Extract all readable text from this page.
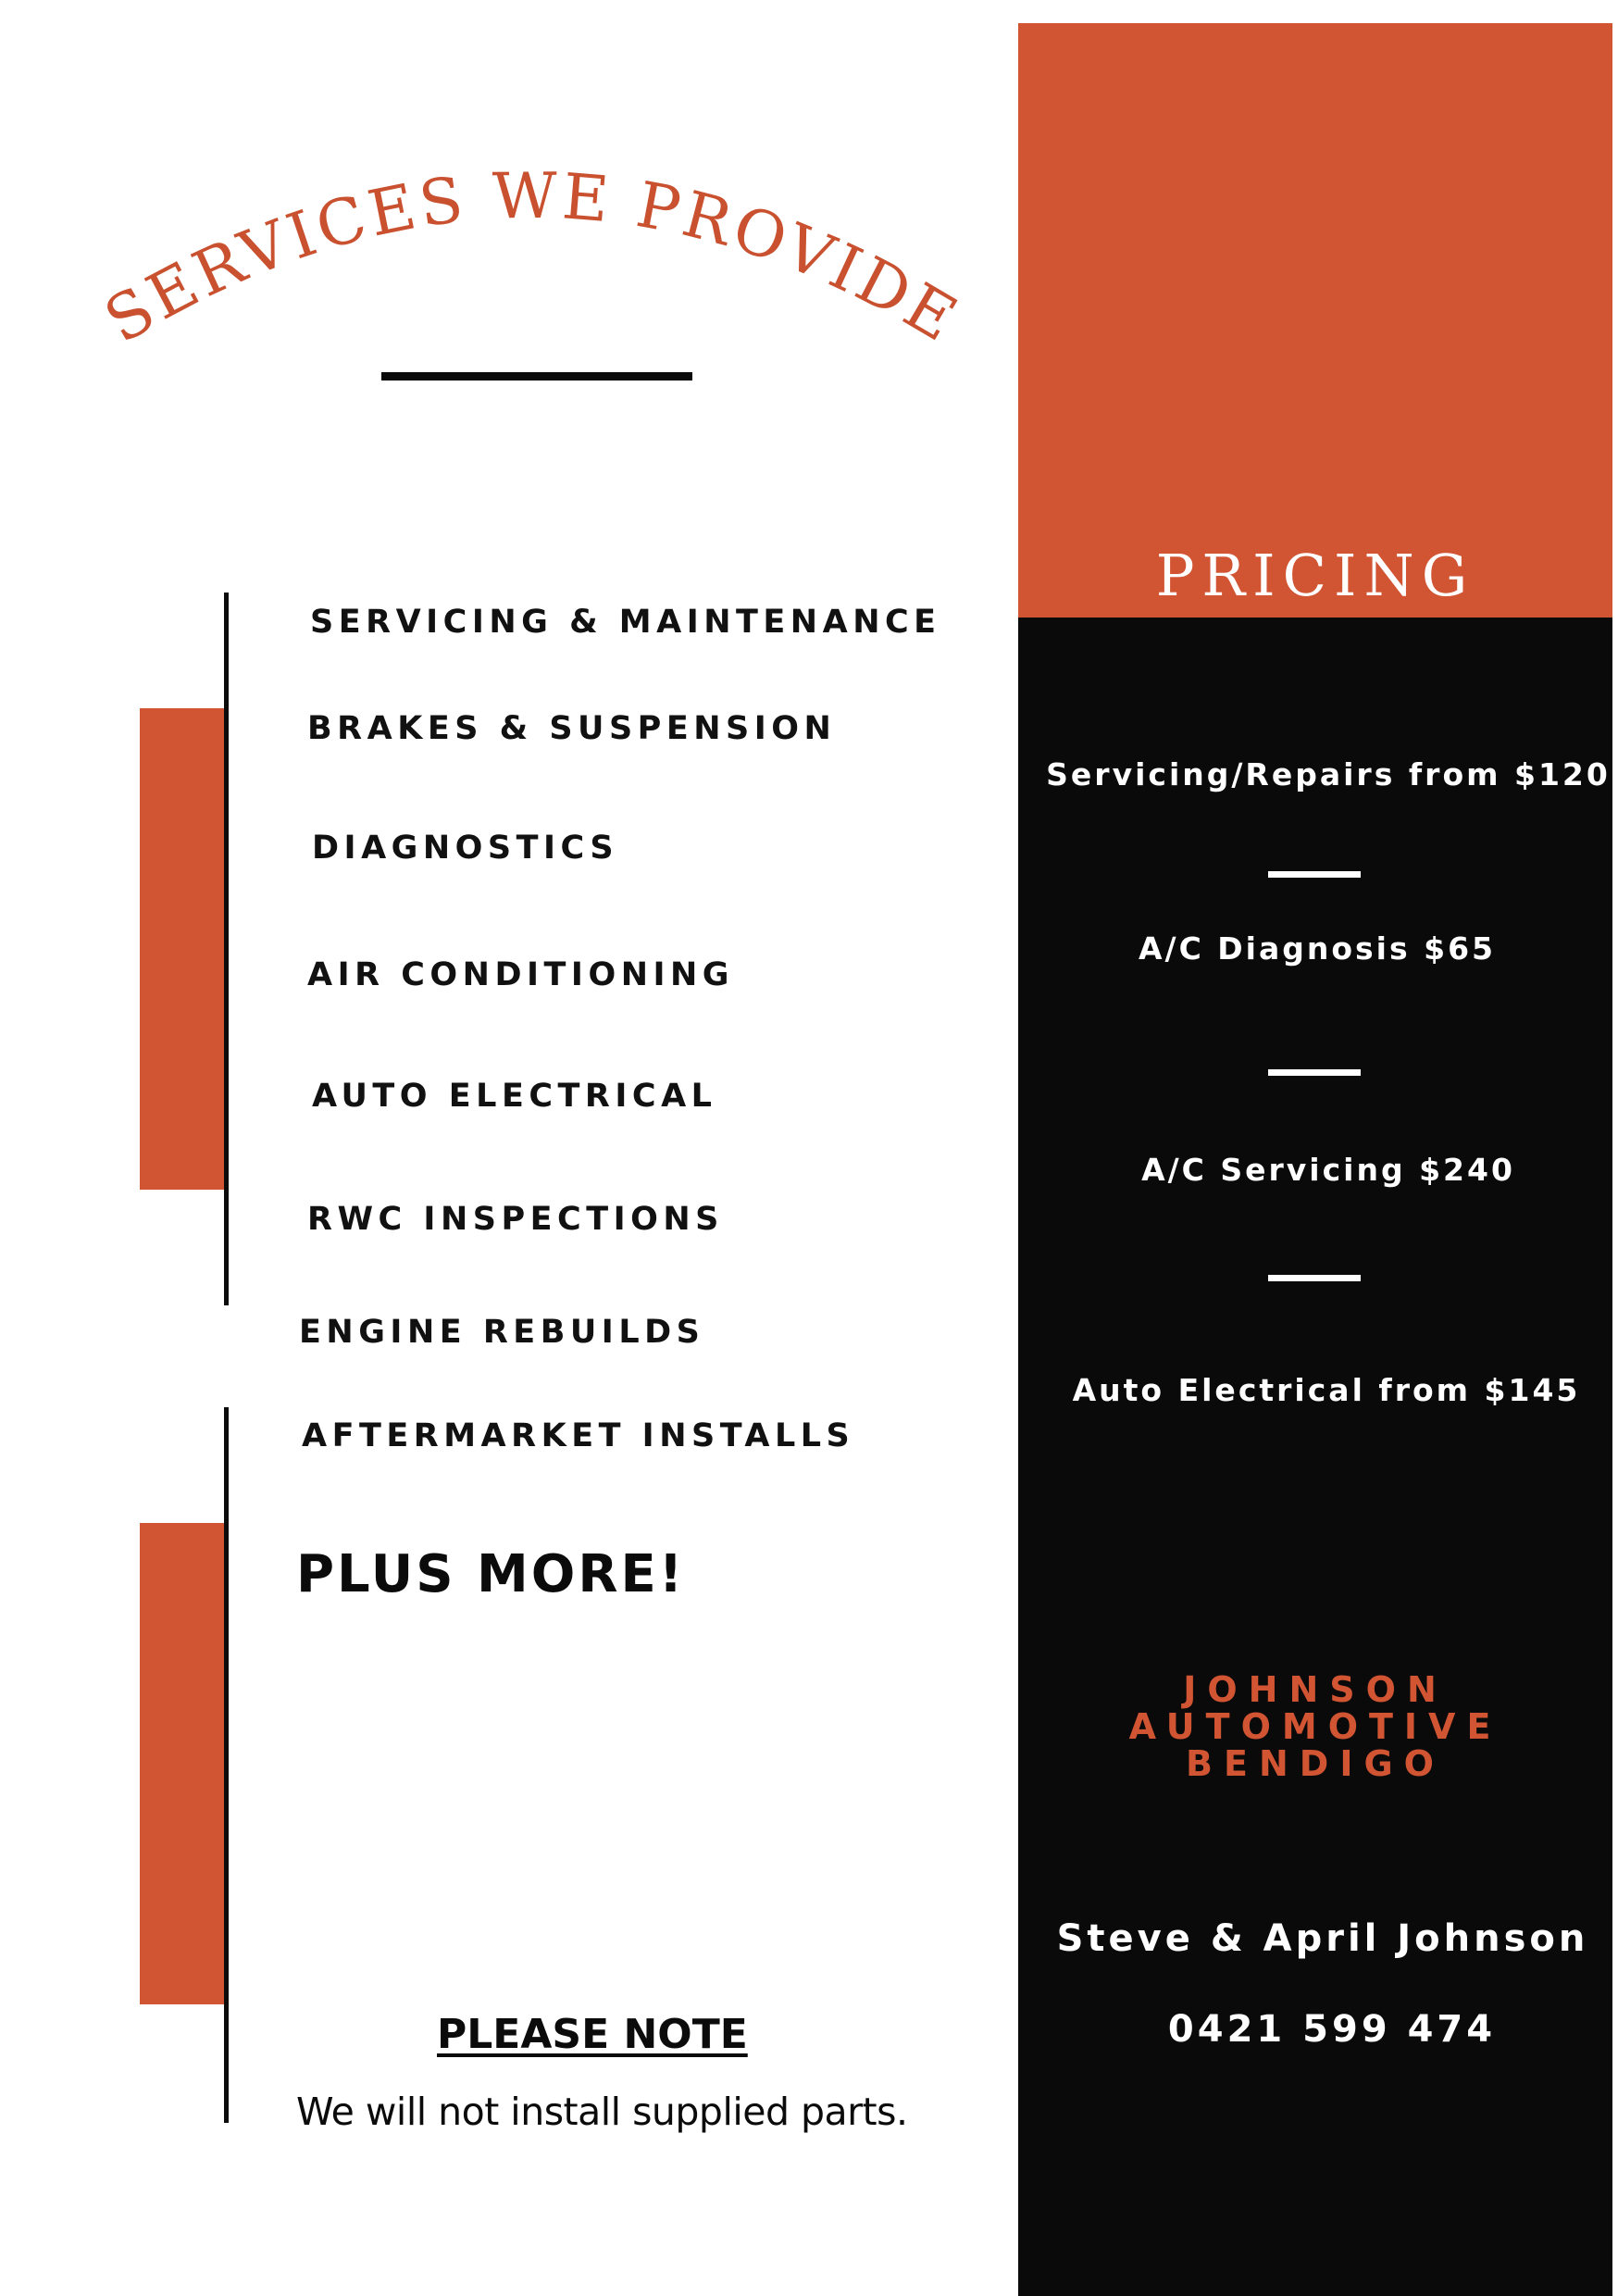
SERVICES WE PROVIDE
SERVICING & MAINTENANCE
BRAKES & SUSPENSION
DIAGNOSTICS
AIR CONDITIONING
AUTO ELECTRICAL
RWC INSPECTIONS
ENGINE REBUILDS
AFTERMARKET INSTALLS
PLUS MORE!
PLEASE NOTE
We will not install supplied parts.
PRICING
Servicing/Repairs from $120
A/C Diagnosis $65
A/C Servicing $240
Auto Electrical from $145
JOHNSON
AUTOMOTIVE
BENDIGO
Steve & April Johnson
0421 599 474
